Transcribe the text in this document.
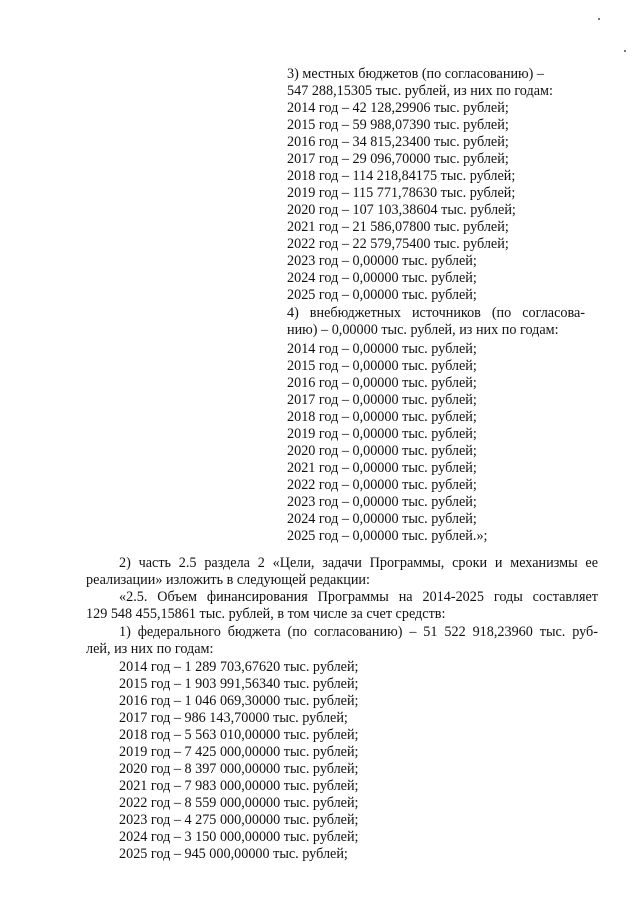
3) местных бюджетов (по согласованию) –
547 288,15305 тыс. рублей, из них по годам:
2014 год – 42 128,29906 тыс. рублей;
2015 год – 59 988,07390 тыс. рублей;
2016 год – 34 815,23400 тыс. рублей;
2017 год – 29 096,70000 тыс. рублей;
2018 год – 114 218,84175 тыс. рублей;
2019 год – 115 771,78630 тыс. рублей;
2020 год – 107 103,38604 тыс. рублей;
2021 год – 21 586,07800 тыс. рублей;
2022 год – 22 579,75400 тыс. рублей;
2023 год – 0,00000 тыс. рублей;
2024 год – 0,00000 тыс. рублей;
2025 год – 0,00000 тыс. рублей;
4) внебюджетных источников (по согласова-
нию) – 0,00000 тыс. рублей, из них по годам:
2014 год – 0,00000 тыс. рублей;
2015 год – 0,00000 тыс. рублей;
2016 год – 0,00000 тыс. рублей;
2017 год – 0,00000 тыс. рублей;
2018 год – 0,00000 тыс. рублей;
2019 год – 0,00000 тыс. рублей;
2020 год – 0,00000 тыс. рублей;
2021 год – 0,00000 тыс. рублей;
2022 год – 0,00000 тыс. рублей;
2023 год – 0,00000 тыс. рублей;
2024 год – 0,00000 тыс. рублей;
2025 год – 0,00000 тыс. рублей.»;
2) часть 2.5 раздела 2 «Цели, задачи Программы, сроки и механизмы ее
реализации» изложить в следующей редакции:
«2.5. Объем финансирования Программы на 2014-2025 годы составляет
129 548 455,15861 тыс. рублей, в том числе за счет средств:
1) федерального бюджета (по согласованию) – 51 522 918,23960 тыс. руб-
лей, из них по годам:
2014 год – 1 289 703,67620 тыс. рублей;
2015 год – 1 903 991,56340 тыс. рублей;
2016 год – 1 046 069,30000 тыс. рублей;
2017 год – 986 143,70000 тыс. рублей;
2018 год – 5 563 010,00000 тыс. рублей;
2019 год – 7 425 000,00000 тыс. рублей;
2020 год – 8 397 000,00000 тыс. рублей;
2021 год – 7 983 000,00000 тыс. рублей;
2022 год – 8 559 000,00000 тыс. рублей;
2023 год – 4 275 000,00000 тыс. рублей;
2024 год – 3 150 000,00000 тыс. рублей;
2025 год – 945 000,00000 тыс. рублей;
